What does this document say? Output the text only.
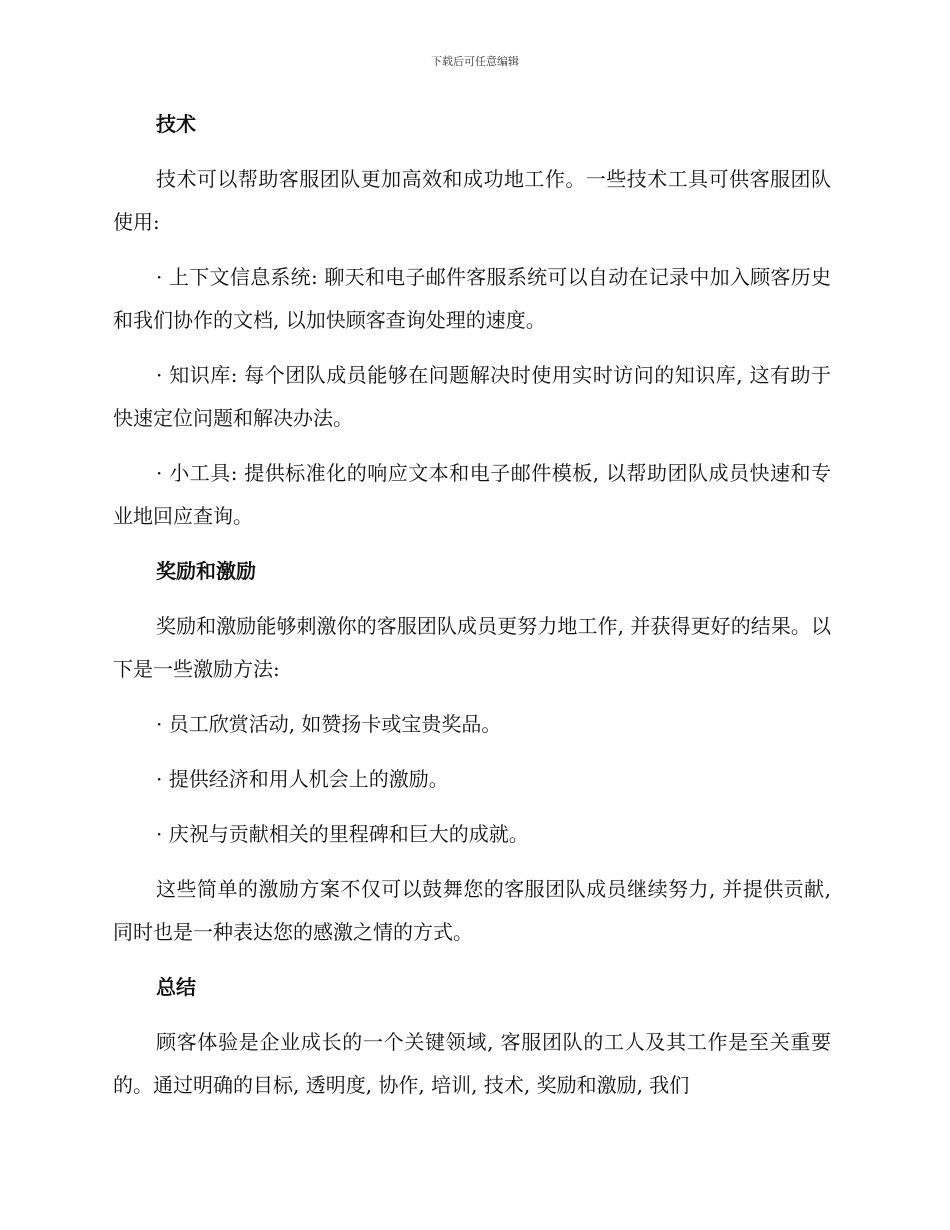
下载后可任意编辑
技术

技术可以帮助客服团队更加高效和成功地工作。一些技术工具可供客服团队使用:

· 上下文信息系统: 聊天和电子邮件客服系统可以自动在记录中加入顾客历史和我们协作的文档, 以加快顾客查询处理的速度。

· 知识库: 每个团队成员能够在问题解决时使用实时访问的知识库, 这有助于快速定位问题和解决办法。

· 小工具: 提供标准化的响应文本和电子邮件模板, 以帮助团队成员快速和专业地回应查询。

奖励和激励

奖励和激励能够刺激你的客服团队成员更努力地工作, 并获得更好的结果。以下是一些激励方法:

· 员工欣赏活动, 如赞扬卡或宝贵奖品。

· 提供经济和用人机会上的激励。

· 庆祝与贡献相关的里程碑和巨大的成就。

这些简单的激励方案不仅可以鼓舞您的客服团队成员继续努力, 并提供贡献, 同时也是一种表达您的感激之情的方式。

总结

顾客体验是企业成长的一个关键领域, 客服团队的工人及其工作是至关重要的。通过明确的目标, 透明度, 协作, 培训, 技术, 奖励和激励, 我们
